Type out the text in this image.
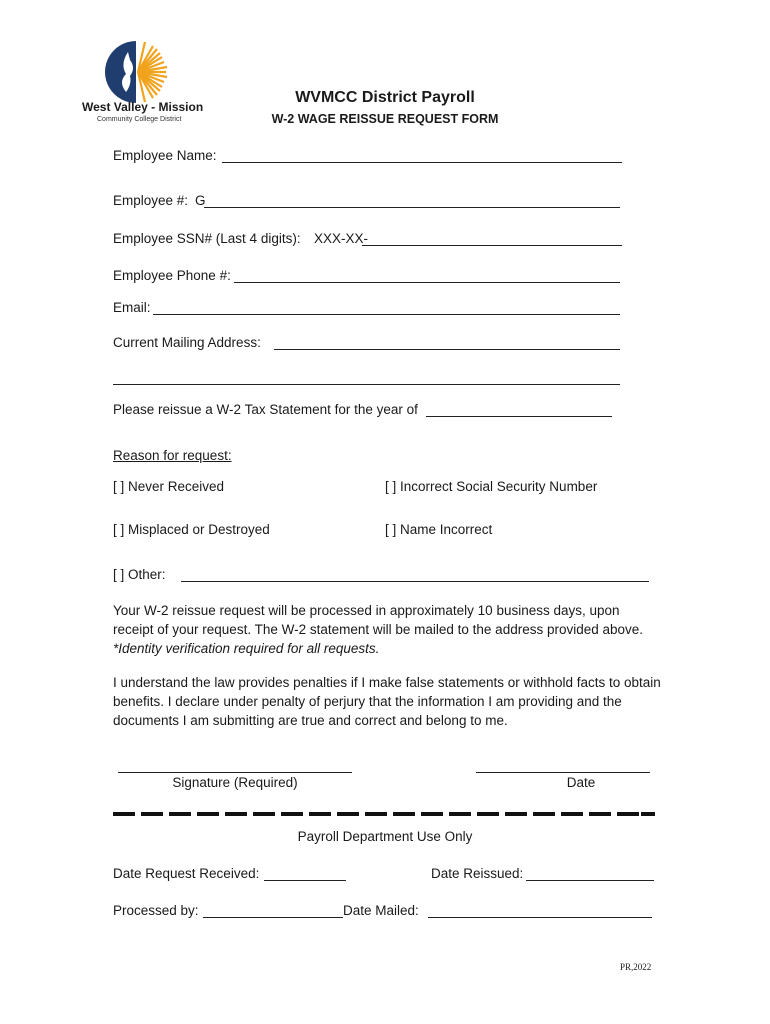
West Valley - Mission
Community College District
WVMCC District Payroll
W-2 WAGE REISSUE REQUEST FORM
Employee Name:
Employee #: G
Employee SSN# (Last 4 digits): XXX-XX-
Employee Phone #:
Email:
Current Mailing Address:
Please reissue a W-2 Tax Statement for the year of
Reason for request:
[ ] Never Received	[ ] Incorrect Social Security Number
[ ] Misplaced or Destroyed	[ ] Name Incorrect
[ ] Other:
Your W-2 reissue request will be processed in approximately 10 business days, upon receipt of your request. The W-2 statement will be mailed to the address provided above. *Identity verification required for all requests.
I understand the law provides penalties if I make false statements or withhold facts to obtain benefits. I declare under penalty of perjury that the information I am providing and the documents I am submitting are true and correct and belong to me.
Signature (Required)	Date
Payroll Department Use Only
Date Request Received:	Date Reissued:
Processed by:	Date Mailed:
PR,2022
